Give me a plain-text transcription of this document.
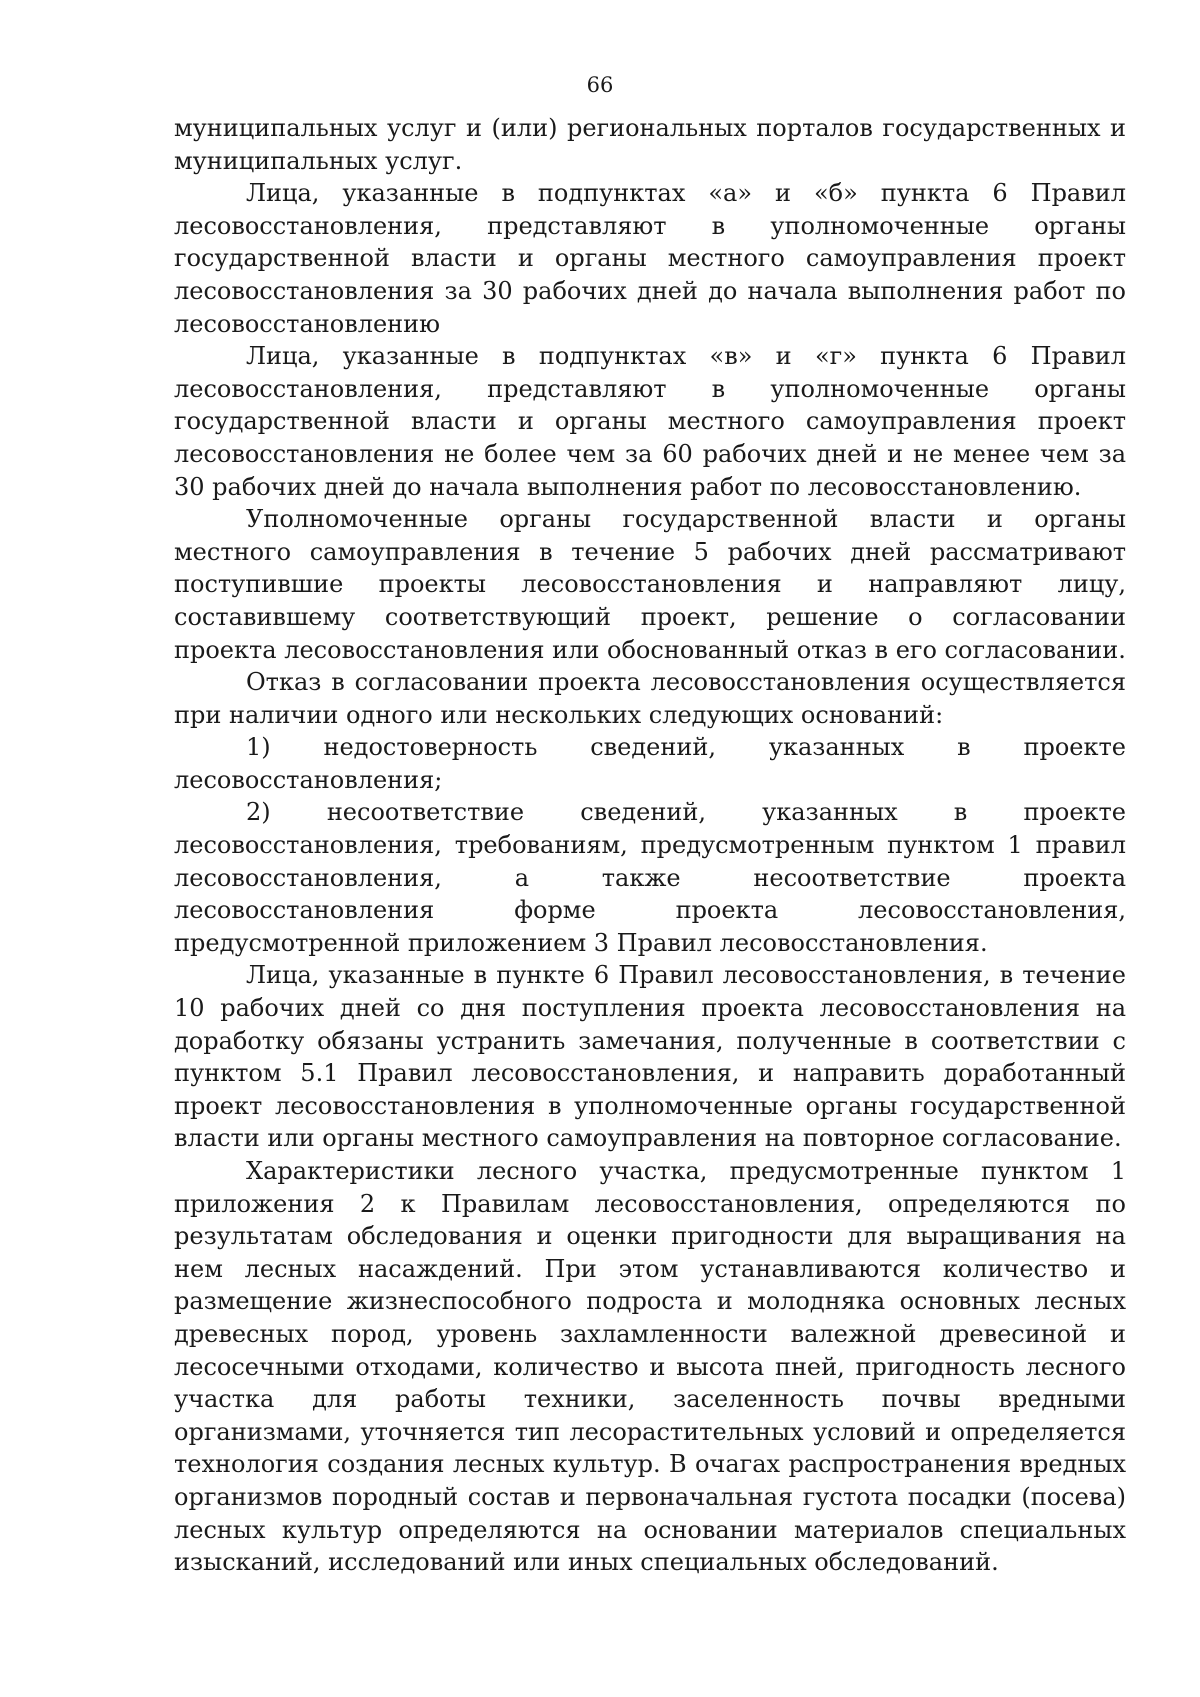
66

муниципальных услуг и (или) региональных порталов государственных и муниципальных услуг.

Лица, указанные в подпунктах «а» и «б» пункта 6 Правил лесовосстановления, представляют в уполномоченные органы государственной власти и органы местного самоуправления проект лесовосстановления за 30 рабочих дней до начала выполнения работ по лесовосстановлению

Лица, указанные в подпунктах «в» и «г» пункта 6 Правил лесовосстановления, представляют в уполномоченные органы государственной власти и органы местного самоуправления проект лесовосстановления не более чем за 60 рабочих дней и не менее чем за 30 рабочих дней до начала выполнения работ по лесовосстановлению.

Уполномоченные органы государственной власти и органы местного самоуправления в течение 5 рабочих дней рассматривают поступившие проекты лесовосстановления и направляют лицу, составившему соответствующий проект, решение о согласовании проекта лесовосстановления или обоснованный отказ в его согласовании.

Отказ в согласовании проекта лесовосстановления осуществляется при наличии одного или нескольких следующих оснований:

1) недостоверность сведений, указанных в проекте лесовосстановления;

2) несоответствие сведений, указанных в проекте лесовосстановления, требованиям, предусмотренным пунктом 1 правил лесовосстановления, а также несоответствие проекта лесовосстановления форме проекта лесовосстановления, предусмотренной приложением 3 Правил лесовосстановления.

Лица, указанные в пункте 6 Правил лесовосстановления, в течение 10 рабочих дней со дня поступления проекта лесовосстановления на доработку обязаны устранить замечания, полученные в соответствии с пунктом 5.1 Правил лесовосстановления, и направить доработанный проект лесовосстановления в уполномоченные органы государственной власти или органы местного самоуправления на повторное согласование.

Характеристики лесного участка, предусмотренные пунктом 1 приложения 2 к Правилам лесовосстановления, определяются по результатам обследования и оценки пригодности для выращивания на нем лесных насаждений. При этом устанавливаются количество и размещение жизнеспособного подроста и молодняка основных лесных древесных пород, уровень захламленности валежной древесиной и лесосечными отходами, количество и высота пней, пригодность лесного участка для работы техники, заселенность почвы вредными организмами, уточняется тип лесорастительных условий и определяется технология создания лесных культур. В очагах распространения вредных организмов породный состав и первоначальная густота посадки (посева) лесных культур определяются на основании материалов специальных изысканий, исследований или иных специальных обследований.
